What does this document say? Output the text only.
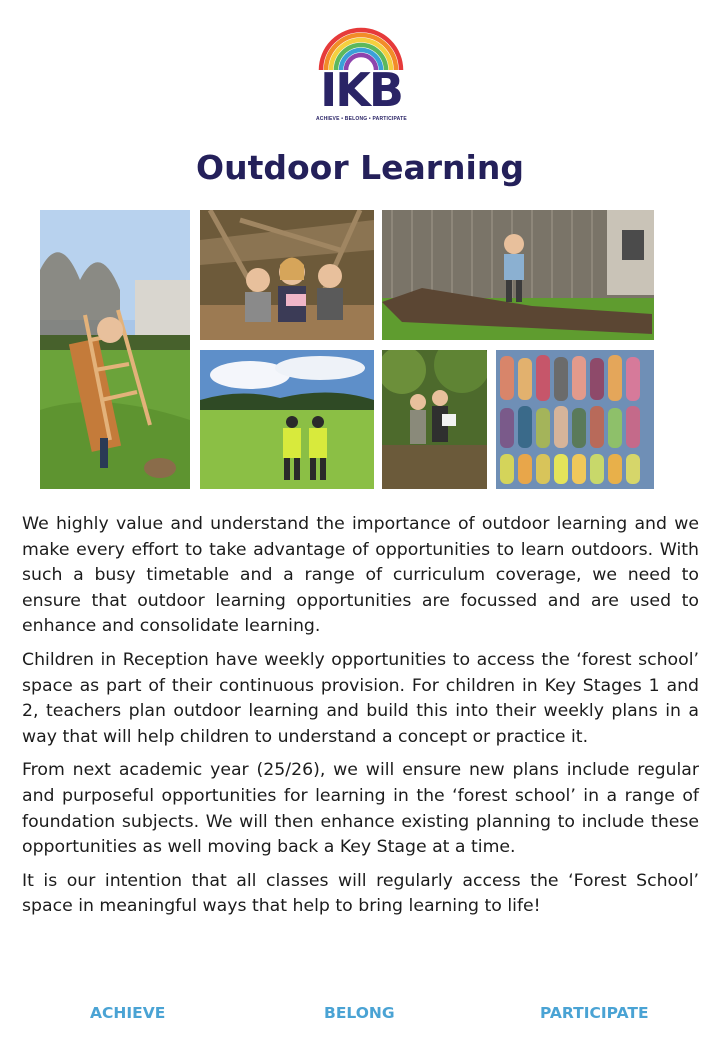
IKB
ACHIEVE • BELONG • PARTICIPATE
Outdoor Learning

We highly value and understand the importance of outdoor learning and we make every effort to take advantage of opportunities to learn outdoors. With such a busy timetable and a range of curriculum coverage, we need to ensure that outdoor learning opportunities are focussed and are used to enhance and consolidate learning.

Children in Reception have weekly opportunities to access the ‘forest school’ space as part of their continuous provision. For children in Key Stages 1 and 2, teachers plan outdoor learning and build this into their weekly plans in a way that will help children to understand a concept or practice it.

From next academic year (25/26), we will ensure new plans include regular and purposeful opportunities for learning in the ‘forest school’ in a range of foundation subjects. We will then enhance existing planning to include these opportunities as well moving back a Key Stage at a time.

It is our intention that all classes will regularly access the ‘Forest School’ space in meaningful ways that help to bring learning to life!

ACHIEVE	BELONG	PARTICIPATE
